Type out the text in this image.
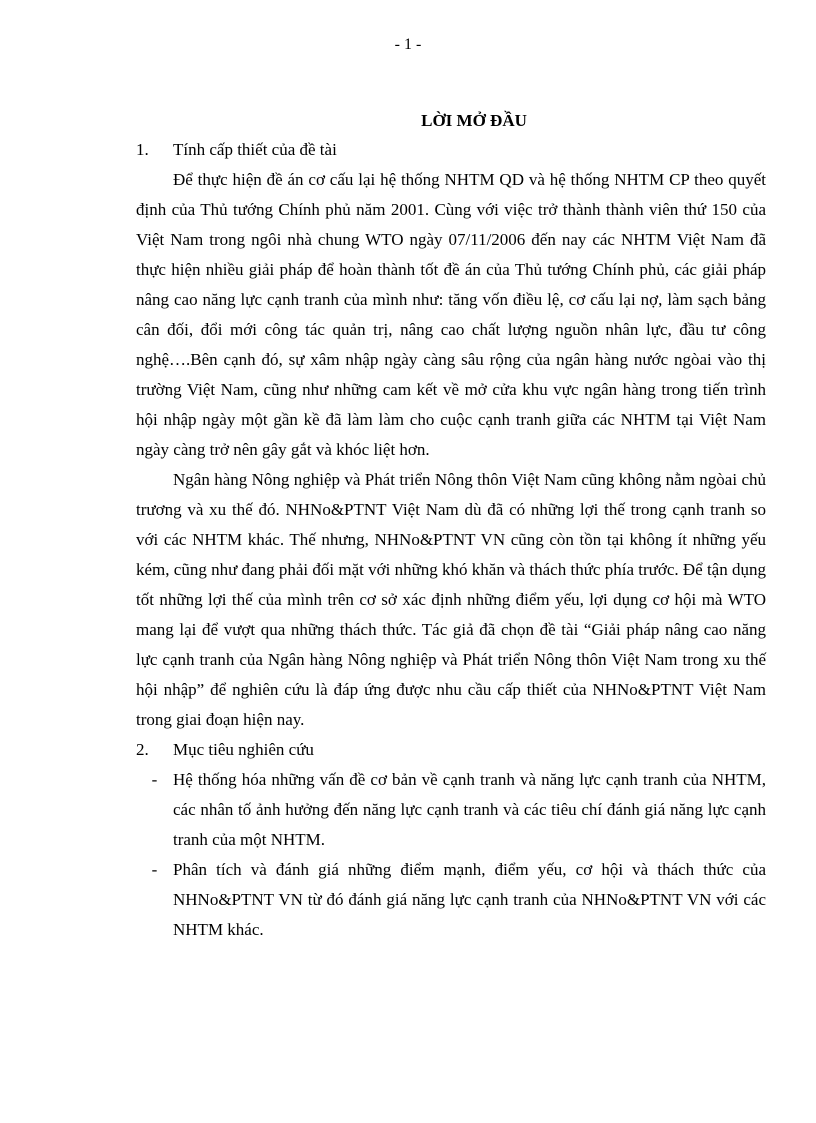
- 1 -
LỜI MỞ ĐẦU
1.	Tính cấp thiết của đề tài

Để thực hiện đề án cơ cấu lại hệ thống NHTM QD và hệ thống NHTM CP theo quyết định của Thủ tướng Chính phủ năm 2001. Cùng với việc trở thành thành viên thứ 150 của Việt Nam trong ngôi nhà chung WTO ngày 07/11/2006 đến nay các NHTM Việt Nam đã thực hiện nhiều giải pháp để hoàn thành tốt đề án của Thủ tướng Chính phủ, các giải pháp nâng cao năng lực cạnh tranh của mình như: tăng vốn điều lệ, cơ cấu lại nợ, làm sạch bảng cân đối, đổi mới công tác quản trị, nâng cao chất lượng nguồn nhân lực, đầu tư công nghệ….Bên cạnh đó, sự xâm nhập ngày càng sâu rộng của ngân hàng nước ngòai vào thị trường Việt Nam, cũng như những cam kết về mở cửa khu vực ngân hàng trong tiến trình hội nhập ngày một gần kề đã làm làm cho cuộc cạnh tranh giữa các NHTM tại Việt Nam ngày càng trở nên gây gắt và khóc liệt hơn.

Ngân hàng Nông nghiệp và Phát triển Nông thôn Việt Nam cũng không nằm ngòai chủ trương và xu thế đó. NHNo&PTNT Việt Nam dù đã có những lợi thế trong cạnh tranh so với các NHTM khác. Thế nhưng, NHNo&PTNT VN cũng còn tồn tại không ít những yếu kém, cũng như đang phải đối mặt với những khó khăn và thách thức phía trước. Để tận dụng tốt những lợi thế của mình trên cơ sở xác định những điểm yếu, lợi dụng cơ hội mà WTO mang lại để vượt qua những thách thức. Tác giả đã chọn đề tài “Giải pháp nâng cao năng lực cạnh tranh của Ngân hàng Nông nghiệp và Phát triển Nông thôn Việt Nam trong xu thế hội nhập” để nghiên cứu là đáp ứng được nhu cầu cấp thiết của NHNo&PTNT Việt Nam trong giai đoạn hiện nay.

2.	Mục tiêu nghiên cứu
- Hệ thống hóa những vấn đề cơ bản về cạnh tranh và năng lực cạnh tranh của NHTM, các nhân tố ảnh hưởng đến năng lực cạnh tranh và các tiêu chí đánh giá năng lực cạnh tranh của một NHTM.
- Phân tích và đánh giá những điểm mạnh, điểm yếu, cơ hội và thách thức của NHNo&PTNT VN từ đó đánh giá năng lực cạnh tranh của NHNo&PTNT VN với các NHTM khác.
